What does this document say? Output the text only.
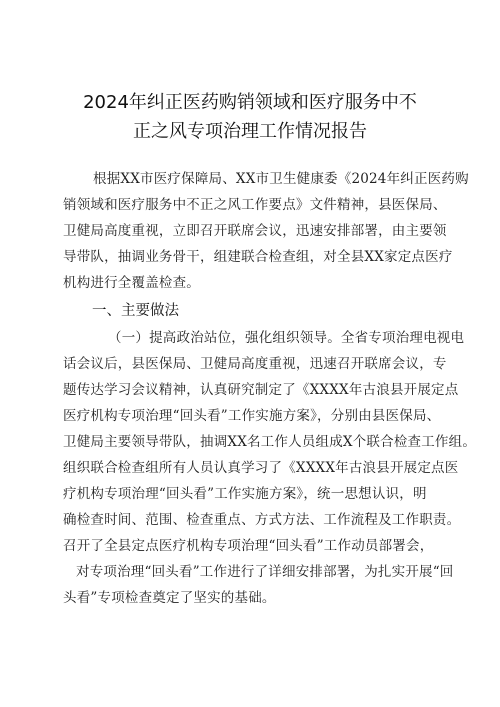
2024年纠正医药购销领域和医疗服务中不
正之风专项治理工作情况报告
根据XX市医疗保障局、XX市卫生健康委《2024年纠正医药购
销领域和医疗服务中不正之风工作要点》文件精神，县医保局、
卫健局高度重视，立即召开联席会议，迅速安排部署，由主要领
导带队，抽调业务骨干，组建联合检查组，对全县XX家定点医疗
机构进行全覆盖检查。
一、主要做法
（一）提高政治站位，强化组织领导。全省专项治理电视电
话会议后，县医保局、卫健局高度重视，迅速召开联席会议，专
题传达学习会议精神，认真研究制定了《XXXX年古浪县开展定点
医疗机构专项治理“回头看”工作实施方案》，分别由县医保局、
卫健局主要领导带队，抽调XX名工作人员组成X个联合检查工作组。
组织联合检查组所有人员认真学习了《XXXX年古浪县开展定点医
疗机构专项治理“回头看”工作实施方案》，统一思想认识，明
确检查时间、范围、检查重点、方式方法、工作流程及工作职责。
召开了全县定点医疗机构专项治理“回头看”工作动员部署会，
对专项治理“回头看”工作进行了详细安排部署，为扎实开展“回
头看”专项检查奠定了坚实的基础。
